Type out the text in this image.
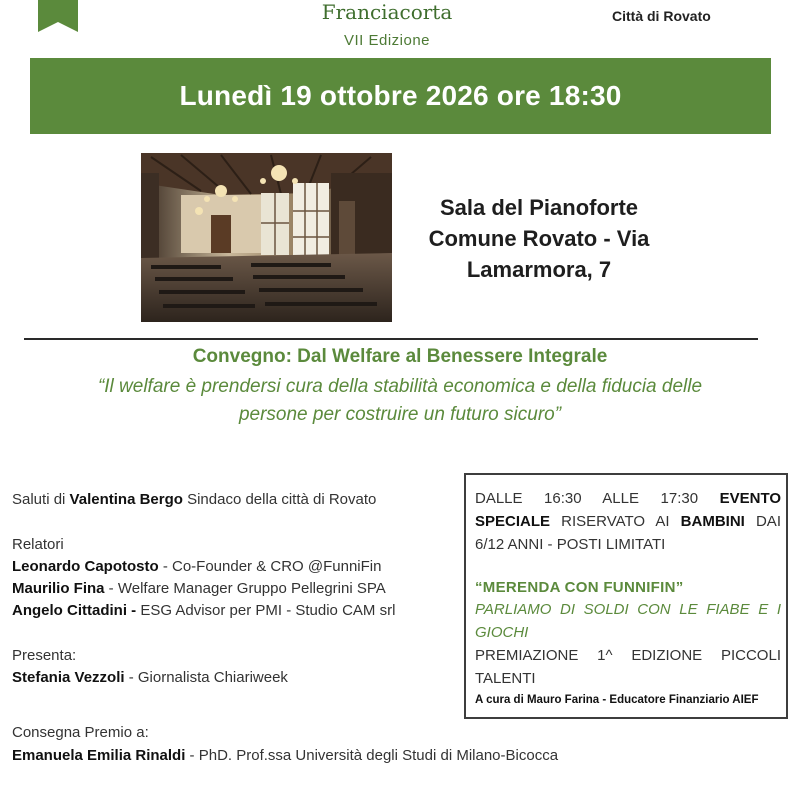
Franciacorta
VII Edizione
Città di Rovato
Lunedì 19 ottobre 2026 ore 18:30
Sala del Pianoforte
Comune Rovato - Via
Lamarmora, 7
Convegno: Dal Welfare al Benessere Integrale
“Il welfare è prendersi cura della stabilità economica e della fiducia delle
persone per costruire un futuro sicuro”
Saluti di Valentina Bergo Sindaco della città di Rovato
Relatori
Leonardo Capotosto - Co-Founder & CRO @FunniFin
Maurilio Fina - Welfare Manager Gruppo Pellegrini SPA
Angelo Cittadini - ESG Advisor per PMI - Studio CAM srl
Presenta:
Stefania Vezzoli - Giornalista Chiariweek
Consegna Premio a:
Emanuela Emilia Rinaldi - PhD. Prof.ssa Università degli Studi di Milano-Bicocca
DALLE 16:30 ALLE 17:30 EVENTO SPECIALE RISERVATO AI BAMBINI DAI 6/12 ANNI - POSTI LIMITATI
“MERENDA CON FUNNIFIN”
PARLIAMO DI SOLDI CON LE FIABE E I GIOCHI
PREMIAZIONE 1^ EDIZIONE PICCOLI TALENTI
A cura di Mauro Farina - Educatore Finanziario AIEF
